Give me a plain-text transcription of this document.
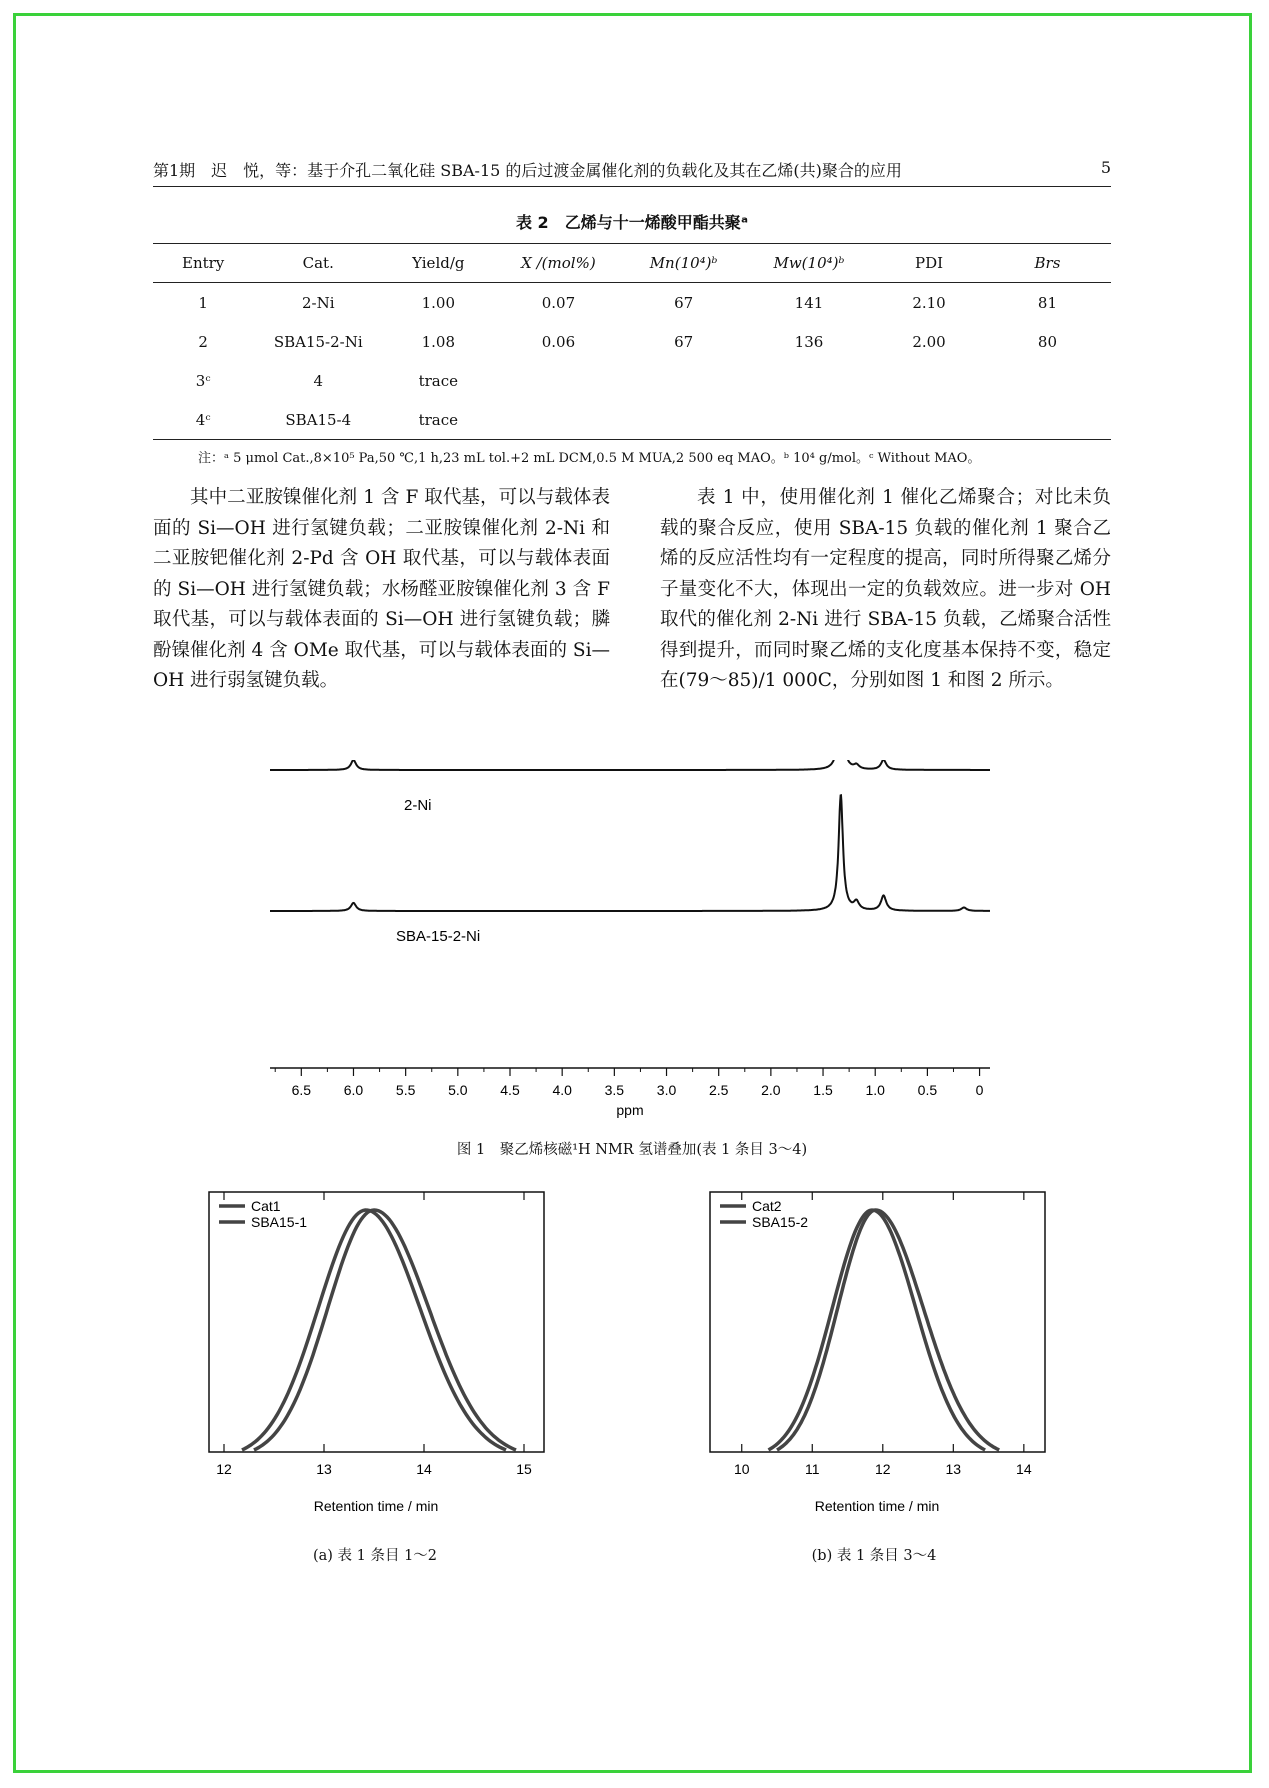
第1期　迟　悦，等：基于介孔二氧化硅 SBA-15 的后过渡金属催化剂的负载化及其在乙烯(共)聚合的应用	5
表 2　乙烯与十一烯酸甲酯共聚ᵃ
Entry	Cat.	Yield/g	X /(mol%)	Mn(10⁴)ᵇ	Mw(10⁴)ᵇ	PDI	Brs
1	2-Ni	1.00	0.07	67	141	2.10	81
2	SBA15-2-Ni	1.08	0.06	67	136	2.00	80
3ᶜ	4	trace					
4ᶜ	SBA15-4	trace					
注：ᵃ 5 μmol Cat.,8×10⁵ Pa,50 ℃,1 h,23 mL tol.+2 mL DCM,0.5 M MUA,2 500 eq MAO。ᵇ 10⁴ g/mol。ᶜ Without MAO。

其中二亚胺镍催化剂 1 含 F 取代基，可以与载体表面的 Si—OH 进行氢键负载；二亚胺镍催化剂 2-Ni 和二亚胺钯催化剂 2-Pd 含 OH 取代基，可以与载体表面的 Si—OH 进行氢键负载；水杨醛亚胺镍催化剂 3 含 F 取代基，可以与载体表面的 Si—OH 进行氢键负载；膦酚镍催化剂 4 含 OMe 取代基，可以与载体表面的 Si—OH 进行弱氢键负载。

表 1 中，使用催化剂 1 催化乙烯聚合；对比未负载的聚合反应，使用 SBA-15 负载的催化剂 1 聚合乙烯的反应活性均有一定程度的提高，同时所得聚乙烯分子量变化不大，体现出一定的负载效应。进一步对 OH 取代的催化剂 2-Ni 进行 SBA-15 负载，乙烯聚合活性得到提升，而同时聚乙烯的支化度基本保持不变，稳定在(79～85)/1 000C，分别如图 1 和图 2 所示。

2-Ni
SBA-15-2-Ni
6.5 6.0 5.5 5.0 4.5 4.0 3.5 3.0 2.5 2.0 1.5 1.0 0.5	0
ppm
图 1　聚乙烯核磁¹H NMR 氢谱叠加(表 1 条目 3～4)
Cat1
SBA15-1
12	13	14	15
Retention time / min
(a) 表 1 条目 1～2
Cat2
SBA15-2
10	11	12	13	14
Retention time / min
(b) 表 1 条目 3～4
